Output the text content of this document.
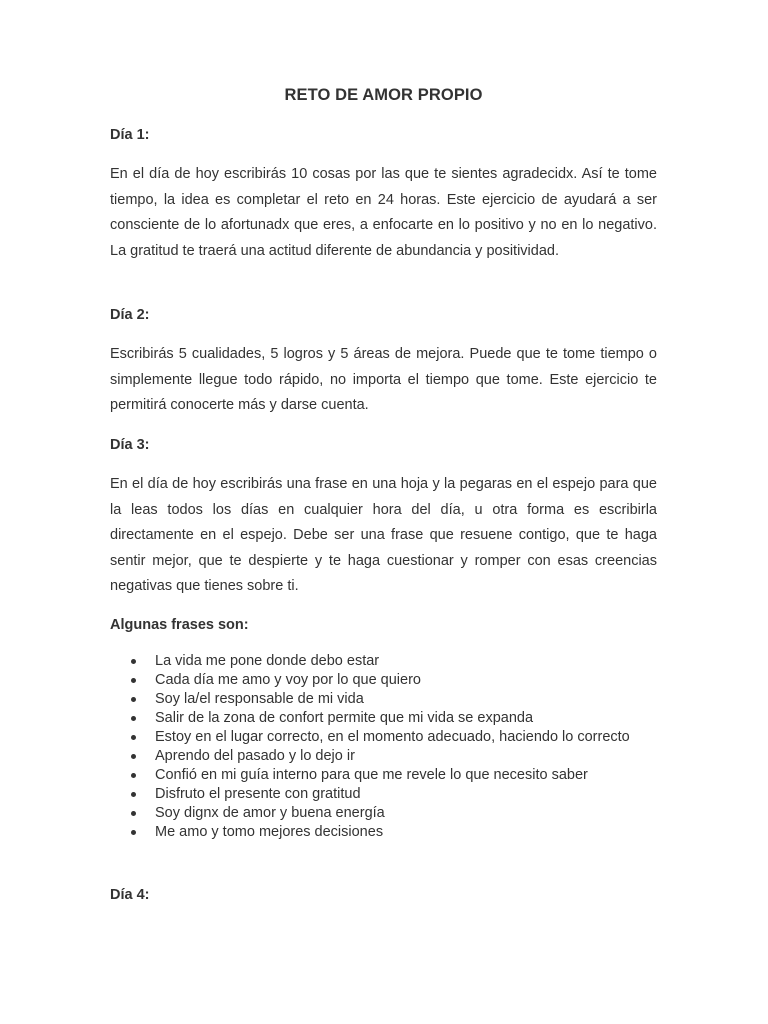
RETO DE AMOR PROPIO
Día 1:
En el día de hoy escribirás 10 cosas por las que te sientes agradecidx. Así te tome tiempo, la idea es completar el reto en 24 horas. Este ejercicio de ayudará a ser consciente de lo afortunadx que eres, a enfocarte en lo positivo y no en lo negativo. La gratitud te traerá una actitud diferente de abundancia y positividad.
Día 2:
Escribirás 5 cualidades, 5 logros y 5 áreas de mejora. Puede que te tome tiempo o simplemente llegue todo rápido, no importa el tiempo que tome. Este ejercicio te permitirá conocerte más y darse cuenta.
Día 3:
En el día de hoy escribirás una frase en una hoja y la pegaras en el espejo para que la leas todos los días en cualquier hora del día, u otra forma es escribirla directamente en el espejo. Debe ser una frase que resuene contigo, que te haga sentir mejor, que te despierte y te haga cuestionar y romper con esas creencias negativas que tienes sobre ti.
Algunas frases son:
La vida me pone donde debo estar
Cada día me amo y voy por lo que quiero
Soy la/el responsable de mi vida
Salir de la zona de confort permite que mi vida se expanda
Estoy en el lugar correcto, en el momento adecuado, haciendo lo correcto
Aprendo del pasado y lo dejo ir
Confió en mi guía interno para que me revele lo que necesito saber
Disfruto el presente con gratitud
Soy dignx de amor y buena energía
Me amo y tomo mejores decisiones
Día 4:
